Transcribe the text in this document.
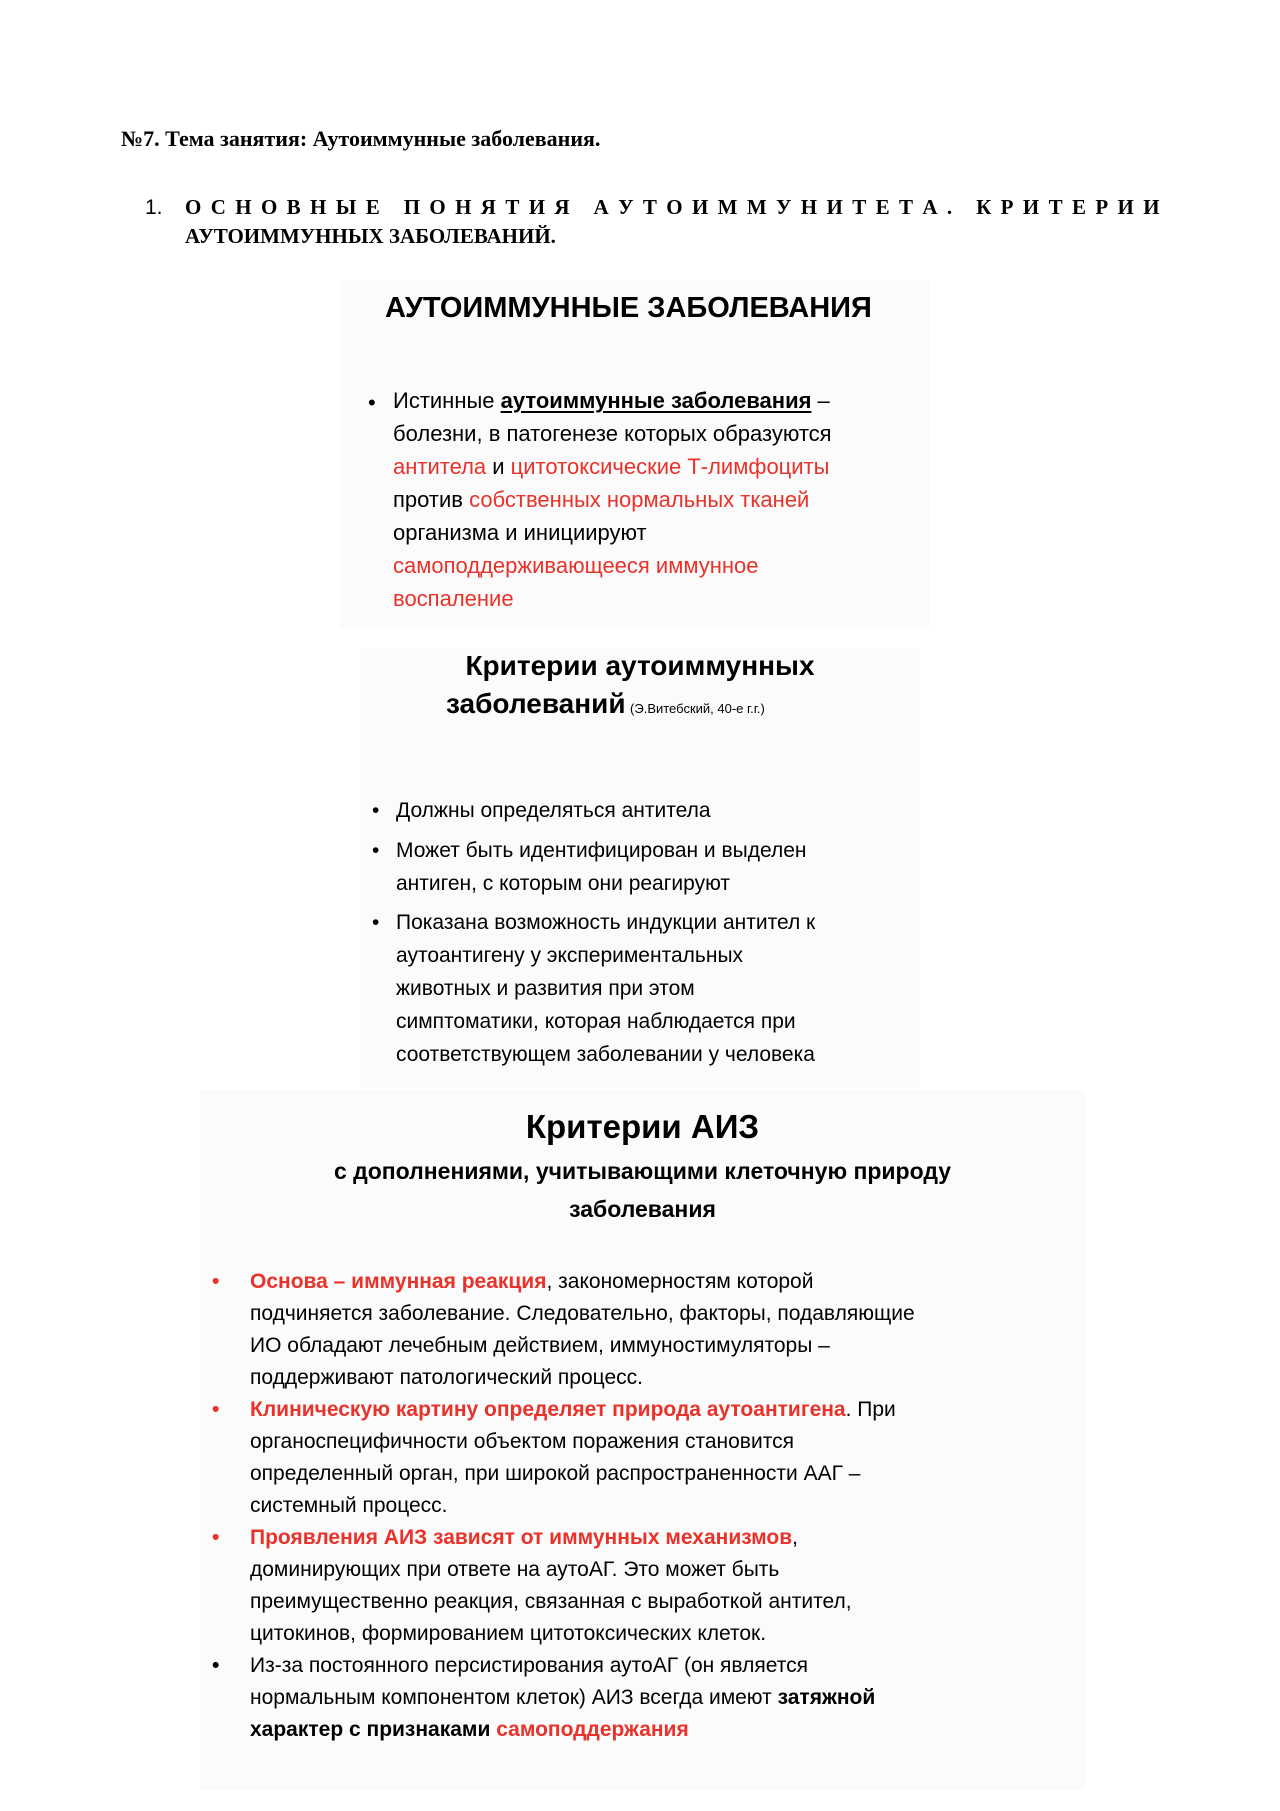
№7. Тема занятия: Аутоиммунные заболевания.
1. О С Н О В Н Ы Е
П О Н Я Т И Я
А У Т О И М М У Н И Т Е Т А .
К Р И Т Е Р И И
АУТОИММУННЫХ ЗАБОЛЕВАНИЙ.
АУТОИММУННЫЕ ЗАБОЛЕВАНИЯ
• Истинные аутоиммунные заболевания –
болезни, в патогенезе которых образуются
антитела и цитотоксические Т-лимфоциты
против собственных нормальных тканей
организма и инициируют
самоподдерживающееся иммунное
воспаление
Критерии аутоиммунных
заболеваний (Э.Витебский, 40-е г.г.)
• Должны определяться антитела
• Может быть идентифицирован и выделен
антиген, с которым они реагируют
• Показана возможность индукции антител к
аутоантигену у экспериментальных
животных и развития при этом
симптоматики, которая наблюдается при
соответствующем заболевании у человека
Критерии АИЗ
с дополнениями, учитывающими клеточную природу
заболевания
• Основа – иммунная реакция, закономерностям которой
подчиняется заболевание. Следовательно, факторы, подавляющие
ИО обладают лечебным действием, иммуностимуляторы –
поддерживают патологический процесс.
• Клиническую картину определяет природа аутоантигена. При
органоспецифичности объектом поражения становится
определенный орган, при широкой распространенности ААГ –
системный процесс.
• Проявления АИЗ зависят от иммунных механизмов,
доминирующих при ответе на аутоАГ. Это может быть
преимущественно реакция, связанная с выработкой антител,
цитокинов, формированием цитотоксических клеток.
• Из-за постоянного персистирования аутоАГ (он является
нормальным компонентом клеток) АИЗ всегда имеют затяжной
характер с признаками самоподдержания
